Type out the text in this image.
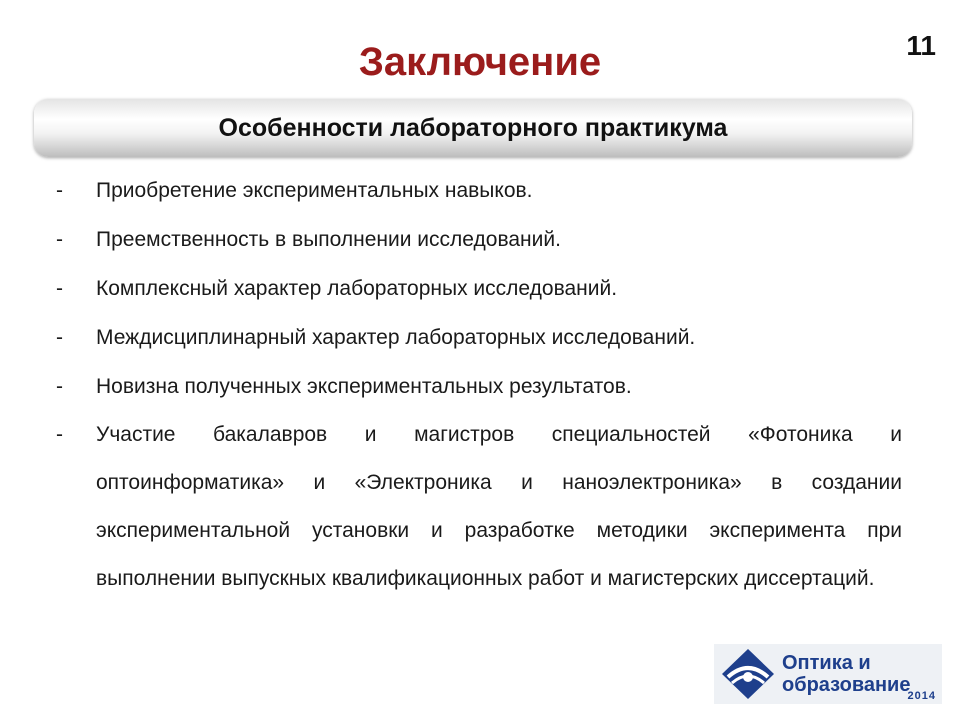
11
Заключение
Особенности лабораторного практикума
-	Приобретение экспериментальных навыков.
-	Преемственность в выполнении исследований.
-	Комплексный характер лабораторных исследований.
-	Междисциплинарный характер лабораторных исследований.
-	Новизна полученных экспериментальных результатов.
-	Участие бакалавров и магистров специальностей «Фотоника и оптоинформатика» и «Электроника и наноэлектроника» в создании экспериментальной установки и разработке методики эксперимента при выполнении выпускных квалификационных работ и магистерских диссертаций.
Оптика и
образование
2014
